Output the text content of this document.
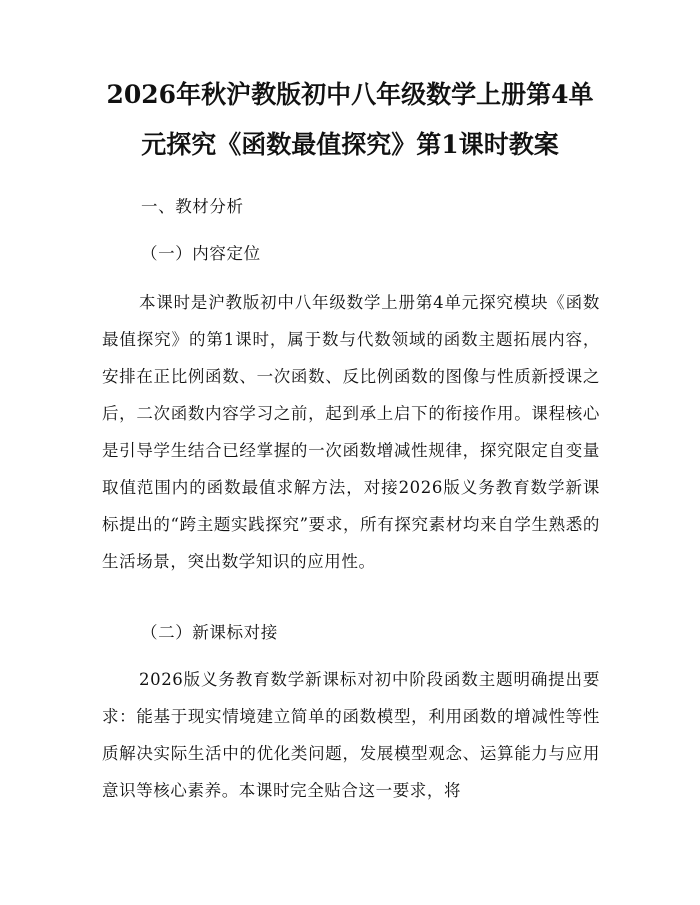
2026年秋沪教版初中八年级数学上册第4单元探究《函数最值探究》第1课时教案

一、教材分析

（一）内容定位

本课时是沪教版初中八年级数学上册第4单元探究模块《函数最值探究》的第1课时，属于数与代数领域的函数主题拓展内容，安排在正比例函数、一次函数、反比例函数的图像与性质新授课之后，二次函数内容学习之前，起到承上启下的衔接作用。课程核心是引导学生结合已经掌握的一次函数增减性规律，探究限定自变量取值范围内的函数最值求解方法，对接2026版义务教育数学新课标提出的“跨主题实践探究”要求，所有探究素材均来自学生熟悉的生活场景，突出数学知识的应用性。

（二）新课标对接

2026版义务教育数学新课标对初中阶段函数主题明确提出要求：能基于现实情境建立简单的函数模型，利用函数的增减性等性质解决实际生活中的优化类问题，发展模型观念、运算能力与应用意识等核心素养。本课时完全贴合这一要求，将
